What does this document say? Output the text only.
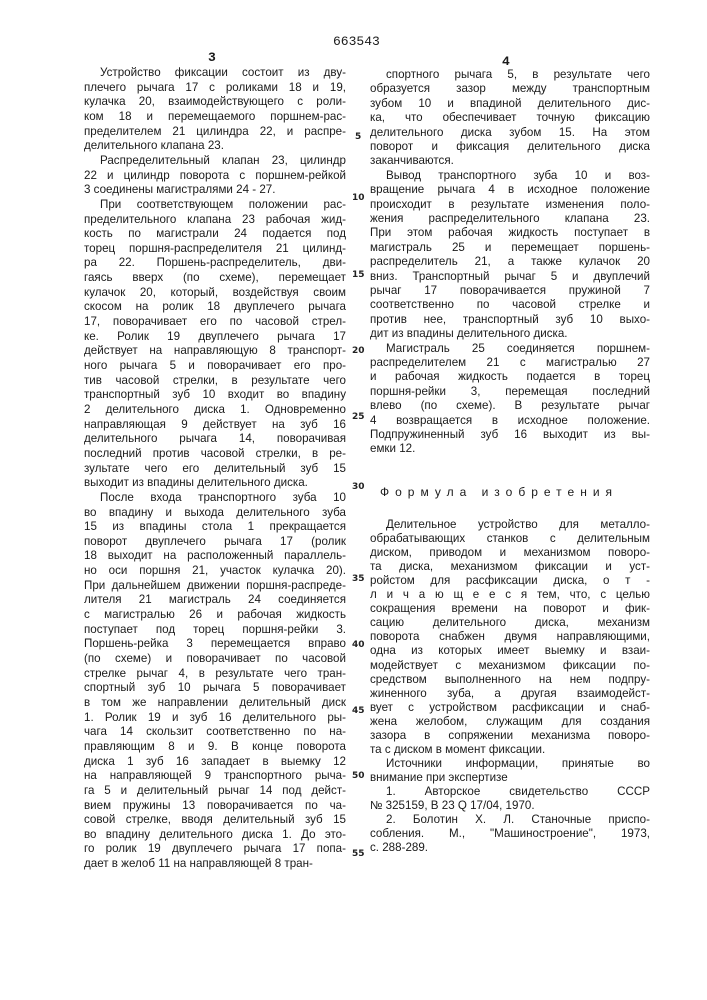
663543
3	4
Устройство фиксации состоит из дву-
плечего рычага 17 с роликами 18 и 19,
кулачка 20, взаимодействующего с роли-
ком 18 и перемещаемого поршнем-рас-
пределителем 21 цилиндра 22, и распре-
делительного клапана 23.
Распределительный клапан 23, цилиндр
22 и цилиндр поворота с поршнем-рейкой
3 соединены магистралями 24 - 27.
При соответствующем положении рас-
пределительного клапана 23 рабочая жид-
кость по магистрали 24 подается под
торец поршня-распределителя 21 цилинд-
ра 22. Поршень-распределитель, дви-
гаясь вверх (по схеме), перемещает
кулачок 20, который, воздействуя своим
скосом на ролик 18 двуплечего рычага
17, поворачивает его по часовой стрел-
ке. Ролик 19 двуплечего рычага 17
действует на направляющую 8 транспорт-
ного рычага 5 и поворачивает его про-
тив часовой стрелки, в результате чего
транспортный зуб 10 входит во впадину
2 делительного диска 1. Одновременно
направляющая 9 действует на зуб 16
делительного рычага 14, поворачивая
последний против часовой стрелки, в ре-
зультате чего его делительный зуб 15
выходит из впадины делительного диска.
После входа транспортного зуба 10
во впадину и выхода делительного зуба
15 из впадины стола 1 прекращается
поворот двуплечего рычага 17 (ролик
18 выходит на расположенный параллель-
но оси поршня 21, участок кулачка 20).
При дальнейшем движении поршня-распреде-
лителя 21 магистраль 24 соединяется
с магистралью 26 и рабочая жидкость
поступает под торец поршня-рейки 3.
Поршень-рейка 3 перемещается вправо
(по схеме) и поворачивает по часовой
стрелке рычаг 4, в результате чего тран-
спортный зуб 10 рычага 5 поворачивает
в том же направлении делительный диск
1. Ролик 19 и зуб 16 делительного ры-
чага 14 скользит соответственно по на-
правляющим 8 и 9. В конце поворота
диска 1 зуб 16 западает в выемку 12
на направляющей 9 транспортного рыча-
га 5 и делительный рычаг 14 под дейст-
вием пружины 13 поворачивается по ча-
совой стрелке, вводя делительный зуб 15
во впадину делительного диска 1. До это-
го ролик 19 двуплечего рычага 17 попа-
дает в желоб 11 на направляющей 8 тран-
спортного рычага 5, в результате чего
образуется зазор между транспортным
зубом 10 и впадиной делительного дис-
ка, что обеспечивает точную фиксацию
делительного диска зубом 15. На этом
поворот и фиксация делительного диска
заканчиваются.
Вывод транспортного зуба 10 и воз-
вращение рычага 4 в исходное положение
происходит в результате изменения поло-
жения распределительного клапана 23.
При этом рабочая жидкость поступает в
магистраль 25 и перемещает поршень-
распределитель 21, а также кулачок 20
вниз. Транспортный рычаг 5 и двуплечий
рычаг 17 поворачивается пружиной 7
соответственно по часовой стрелке и
против нее, транспортный зуб 10 выхо-
дит из впадины делительного диска.
Магистраль 25 соединяется поршнем-
распределителем 21 с магистралью 27
и рабочая жидкость подается в торец
поршня-рейки 3, перемещая последний
влево (по схеме). В результате рычаг
4 возвращается в исходное положение.
Подпружиненный зуб 16 выходит из вы-
емки 12.
Формула изобретения
Делительное устройство для металло-
обрабатывающих станков с делительным
диском, приводом и механизмом поворо-
та диска, механизмом фиксации и уст-
ройстом для расфиксации диска, о т -
л и ч а ю щ е е с я тем, что, с целью
сокращения времени на поворот и фик-
сацию делительного диска, механизм
поворота снабжен двумя направляющими,
одна из которых имеет выемку и взаи-
модействует с механизмом фиксации по-
средством выполненного на нем подпру-
жиненного зуба, а другая взаимодейст-
вует с устройством расфиксации и снаб-
жена желобом, служащим для создания
зазора в сопряжении механизма поворо-
та с диском в момент фиксации.
Источники информации, принятые во
внимание при экспертизе
1. Авторское свидетельство СССР
№ 325159, В 23 Q 17/04, 1970.
2. Болотин Х. Л. Станочные приспо-
собления. М., "Машиностроение", 1973,
с. 288-289.
5
10
15
20
25
30
35
40
45
50
55
